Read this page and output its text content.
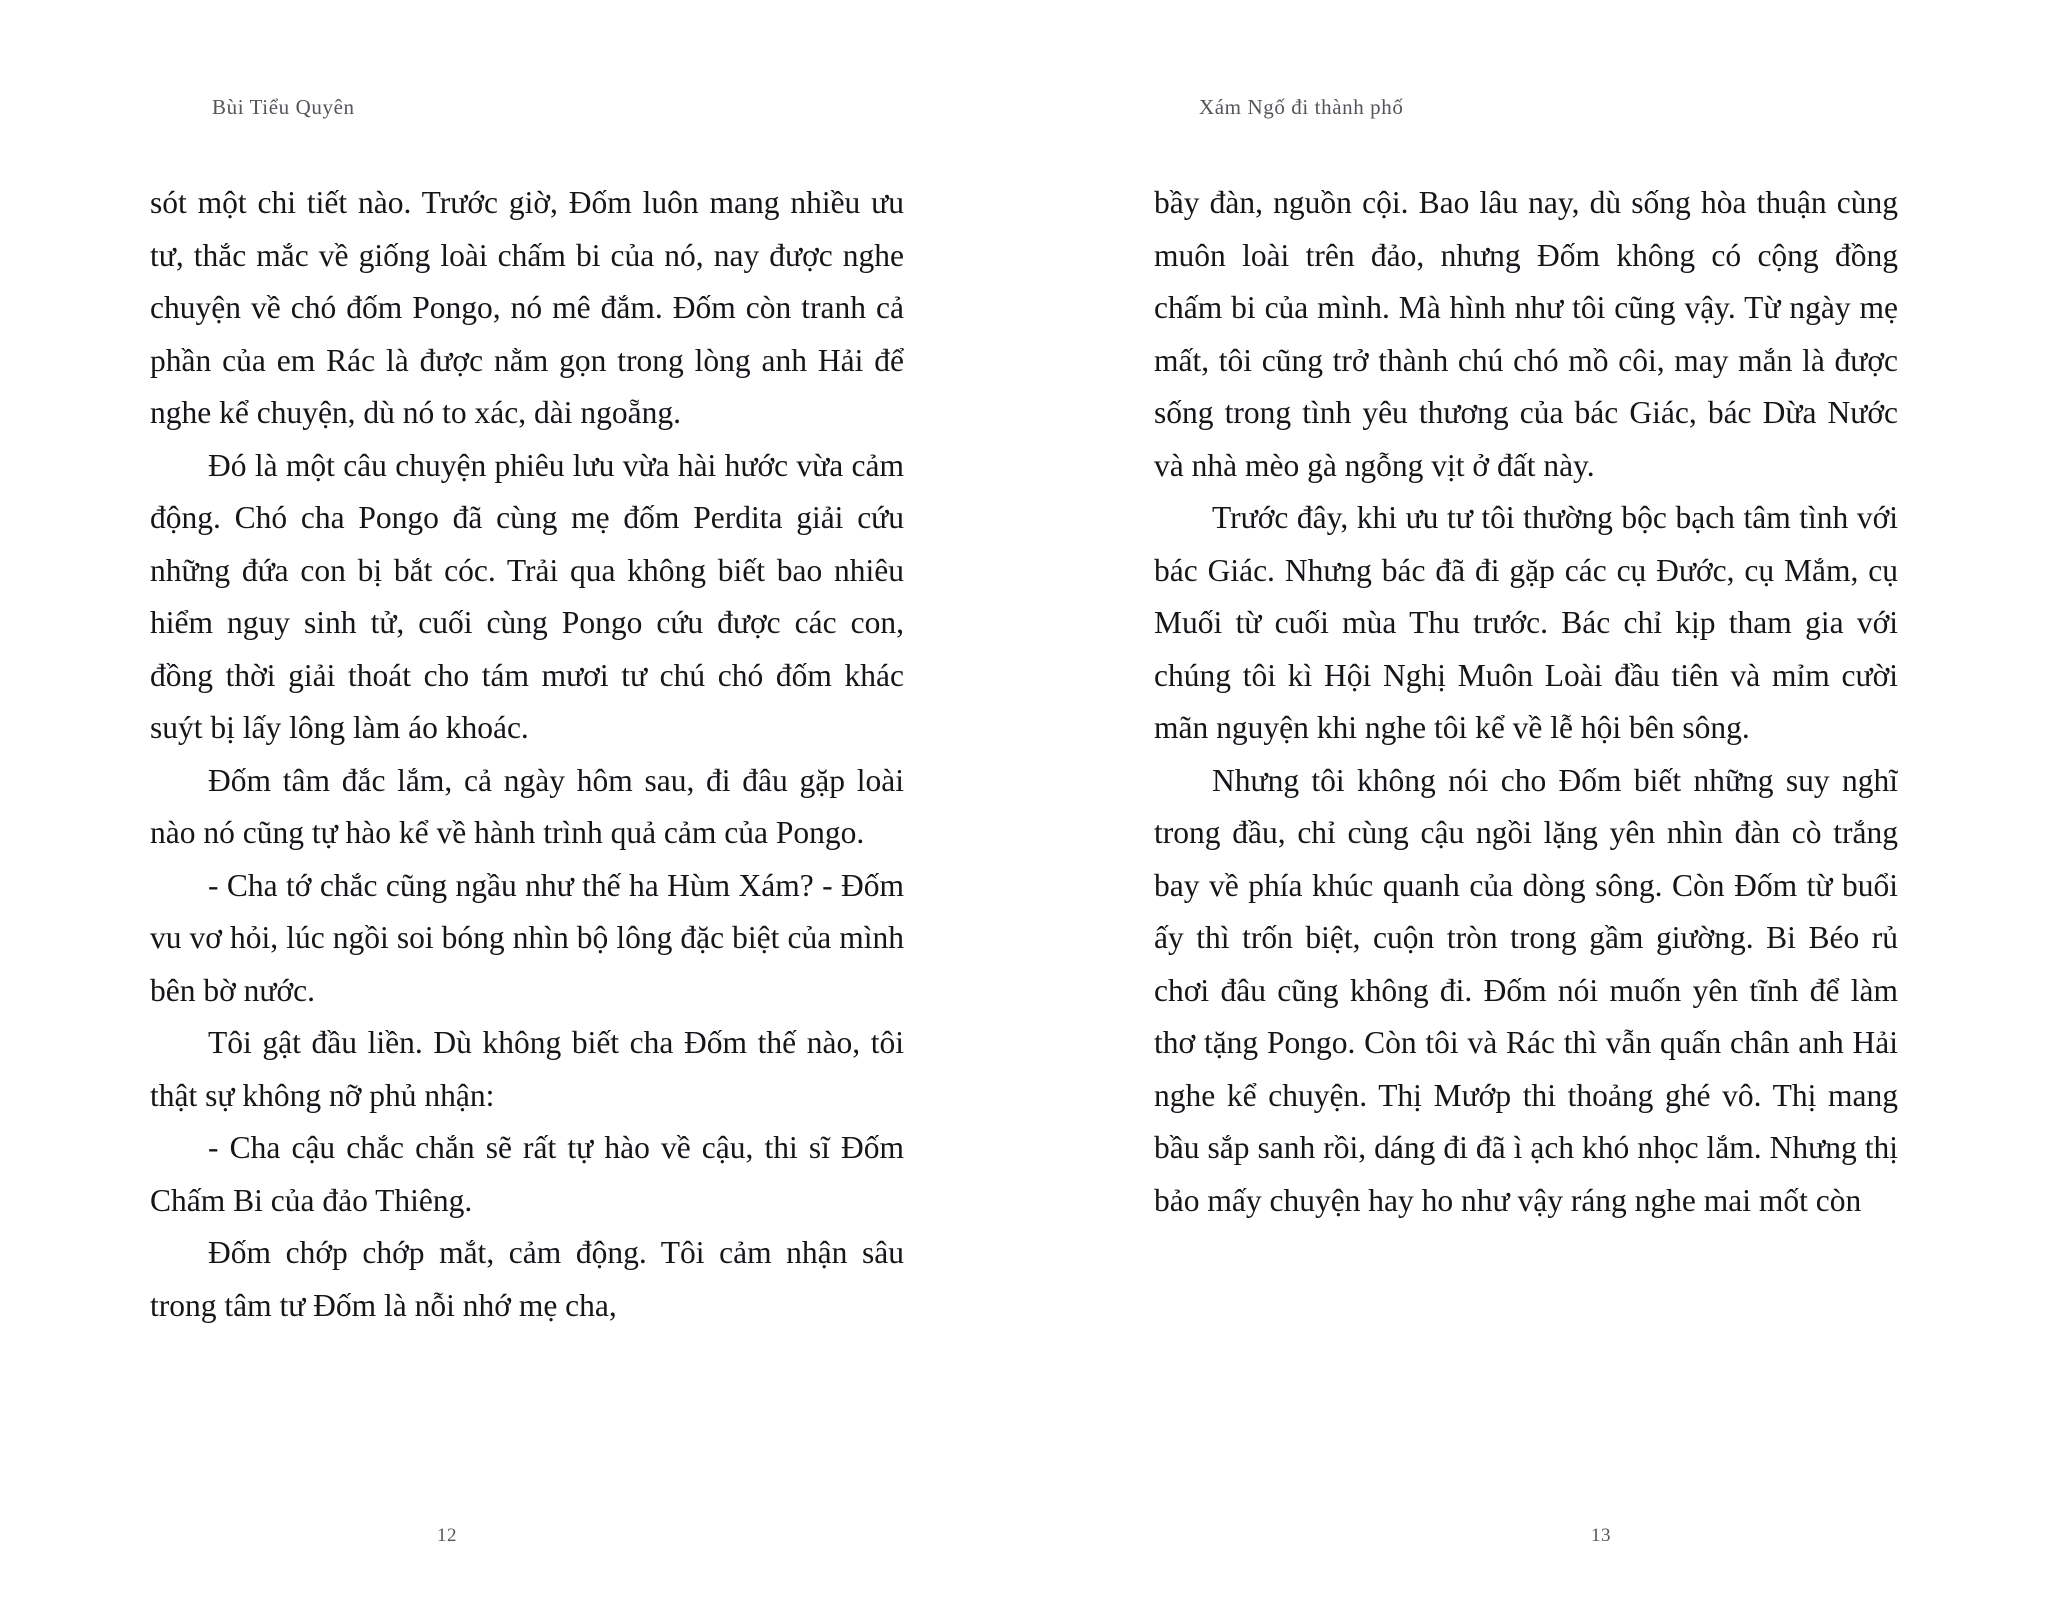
Bùi Tiểu Quyên

sót một chi tiết nào. Trước giờ, Đốm luôn mang nhiều ưu tư, thắc mắc về giống loài chấm bi của nó, nay được nghe chuyện về chó đốm Pongo, nó mê đắm. Đốm còn tranh cả phần của em Rác là được nằm gọn trong lòng anh Hải để nghe kể chuyện, dù nó to xác, dài ngoẵng.

Đó là một câu chuyện phiêu lưu vừa hài hước vừa cảm động. Chó cha Pongo đã cùng mẹ đốm Perdita giải cứu những đứa con bị bắt cóc. Trải qua không biết bao nhiêu hiểm nguy sinh tử, cuối cùng Pongo cứu được các con, đồng thời giải thoát cho tám mươi tư chú chó đốm khác suýt bị lấy lông làm áo khoác.

Đốm tâm đắc lắm, cả ngày hôm sau, đi đâu gặp loài nào nó cũng tự hào kể về hành trình quả cảm của Pongo.

- Cha tớ chắc cũng ngầu như thế ha Hùm Xám? - Đốm vu vơ hỏi, lúc ngồi soi bóng nhìn bộ lông đặc biệt của mình bên bờ nước.

Tôi gật đầu liền. Dù không biết cha Đốm thế nào, tôi thật sự không nỡ phủ nhận:

- Cha cậu chắc chắn sẽ rất tự hào về cậu, thi sĩ Đốm Chấm Bi của đảo Thiêng.

Đốm chớp chớp mắt, cảm động. Tôi cảm nhận sâu trong tâm tư Đốm là nỗi nhớ mẹ cha,

12
Xám Ngố đi thành phố

bầy đàn, nguồn cội. Bao lâu nay, dù sống hòa thuận cùng muôn loài trên đảo, nhưng Đốm không có cộng đồng chấm bi của mình. Mà hình như tôi cũng vậy. Từ ngày mẹ mất, tôi cũng trở thành chú chó mồ côi, may mắn là được sống trong tình yêu thương của bác Giác, bác Dừa Nước và nhà mèo gà ngỗng vịt ở đất này.

Trước đây, khi ưu tư tôi thường bộc bạch tâm tình với bác Giác. Nhưng bác đã đi gặp các cụ Đước, cụ Mắm, cụ Muối từ cuối mùa Thu trước. Bác chỉ kịp tham gia với chúng tôi kì Hội Nghị Muôn Loài đầu tiên và mỉm cười mãn nguyện khi nghe tôi kể về lễ hội bên sông.

Nhưng tôi không nói cho Đốm biết những suy nghĩ trong đầu, chỉ cùng cậu ngồi lặng yên nhìn đàn cò trắng bay về phía khúc quanh của dòng sông. Còn Đốm từ buổi ấy thì trốn biệt, cuộn tròn trong gầm giường. Bi Béo rủ chơi đâu cũng không đi. Đốm nói muốn yên tĩnh để làm thơ tặng Pongo. Còn tôi và Rác thì vẫn quấn chân anh Hải nghe kể chuyện. Thị Mướp thi thoảng ghé vô. Thị mang bầu sắp sanh rồi, dáng đi đã ì ạch khó nhọc lắm. Nhưng thị bảo mấy chuyện hay ho như vậy ráng nghe mai mốt còn

13
